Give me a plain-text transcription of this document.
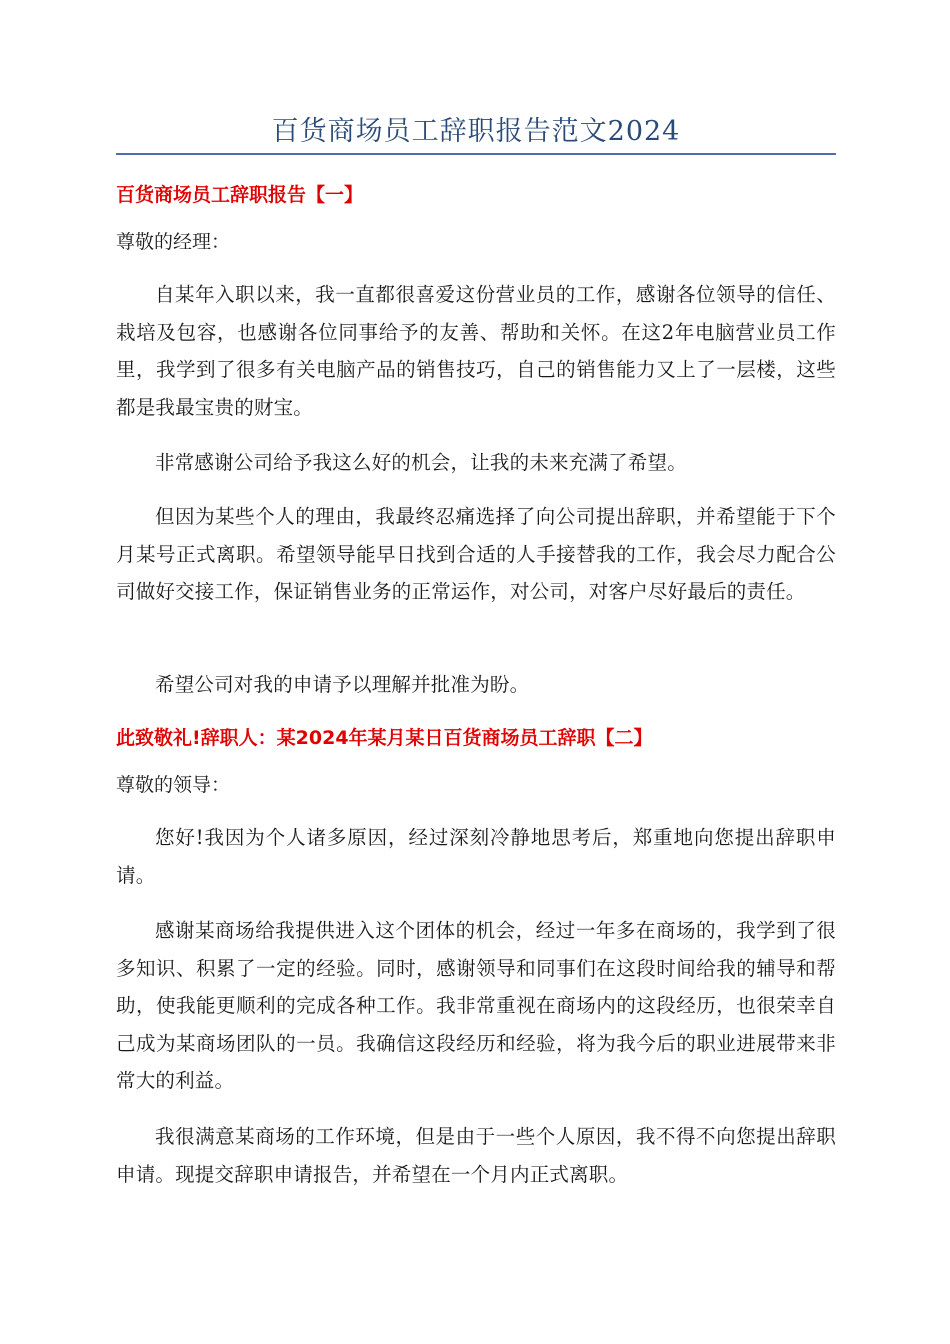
百货商场员工辞职报告范文2024
百货商场员工辞职报告【一】
尊敬的经理：
自某年入职以来，我一直都很喜爱这份营业员的工作，感谢各位领导的信任、栽培及包容，也感谢各位同事给予的友善、帮助和关怀。在这2年电脑营业员工作里，我学到了很多有关电脑产品的销售技巧，自己的销售能力又上了一层楼，这些都是我最宝贵的财宝。
非常感谢公司给予我这么好的机会，让我的未来充满了希望。
但因为某些个人的理由，我最终忍痛选择了向公司提出辞职，并希望能于下个月某号正式离职。希望领导能早日找到合适的人手接替我的工作，我会尽力配合公司做好交接工作，保证销售业务的正常运作，对公司，对客户尽好最后的责任。
希望公司对我的申请予以理解并批准为盼。
此致敬礼!辞职人：某2024年某月某日百货商场员工辞职【二】
尊敬的领导：
您好!我因为个人诸多原因，经过深刻冷静地思考后，郑重地向您提出辞职申请。
感谢某商场给我提供进入这个团体的机会，经过一年多在商场的，我学到了很多知识、积累了一定的经验。同时，感谢领导和同事们在这段时间给我的辅导和帮助，使我能更顺利的完成各种工作。我非常重视在商场内的这段经历，也很荣幸自己成为某商场团队的一员。我确信这段经历和经验，将为我今后的职业进展带来非常大的利益。
我很满意某商场的工作环境，但是由于一些个人原因，我不得不向您提出辞职申请。现提交辞职申请报告，并希望在一个月内正式离职。
